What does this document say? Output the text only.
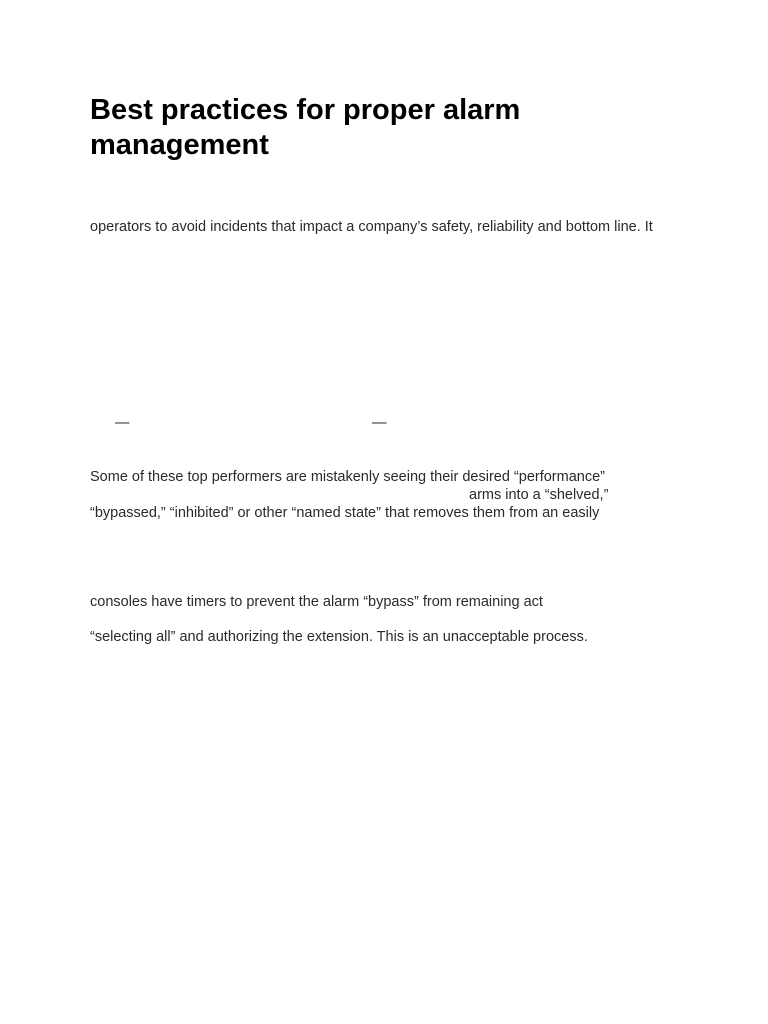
Best practices for proper alarm management

operators to avoid incidents that impact a company’s safety, reliability and bottom line. It

—	—

Some of these top performers are mistakenly seeing their desired “performance”

arms into a “shelved,”

“bypassed,” “inhibited” or other “named state” that removes them from an easily

consoles have timers to prevent the alarm “bypass” from remaining act

“selecting all” and authorizing the extension. This is an unacceptable process.
